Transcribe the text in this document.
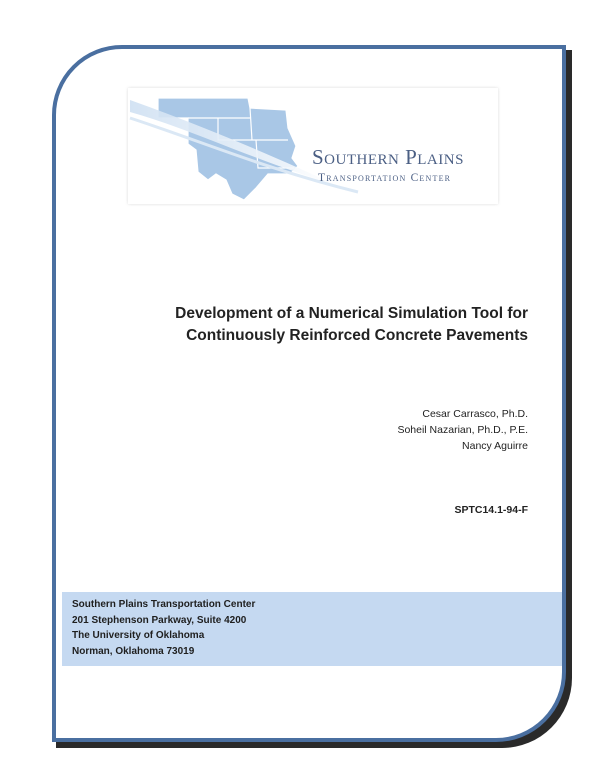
Southern Plains
Transportation Center
Development of a Numerical Simulation Tool for
Continuously Reinforced Concrete Pavements
Cesar Carrasco, Ph.D.
Soheil Nazarian, Ph.D., P.E.
Nancy Aguirre
SPTC14.1-94-F
Southern Plains Transportation Center
201 Stephenson Parkway, Suite 4200
The University of Oklahoma
Norman, Oklahoma 73019
